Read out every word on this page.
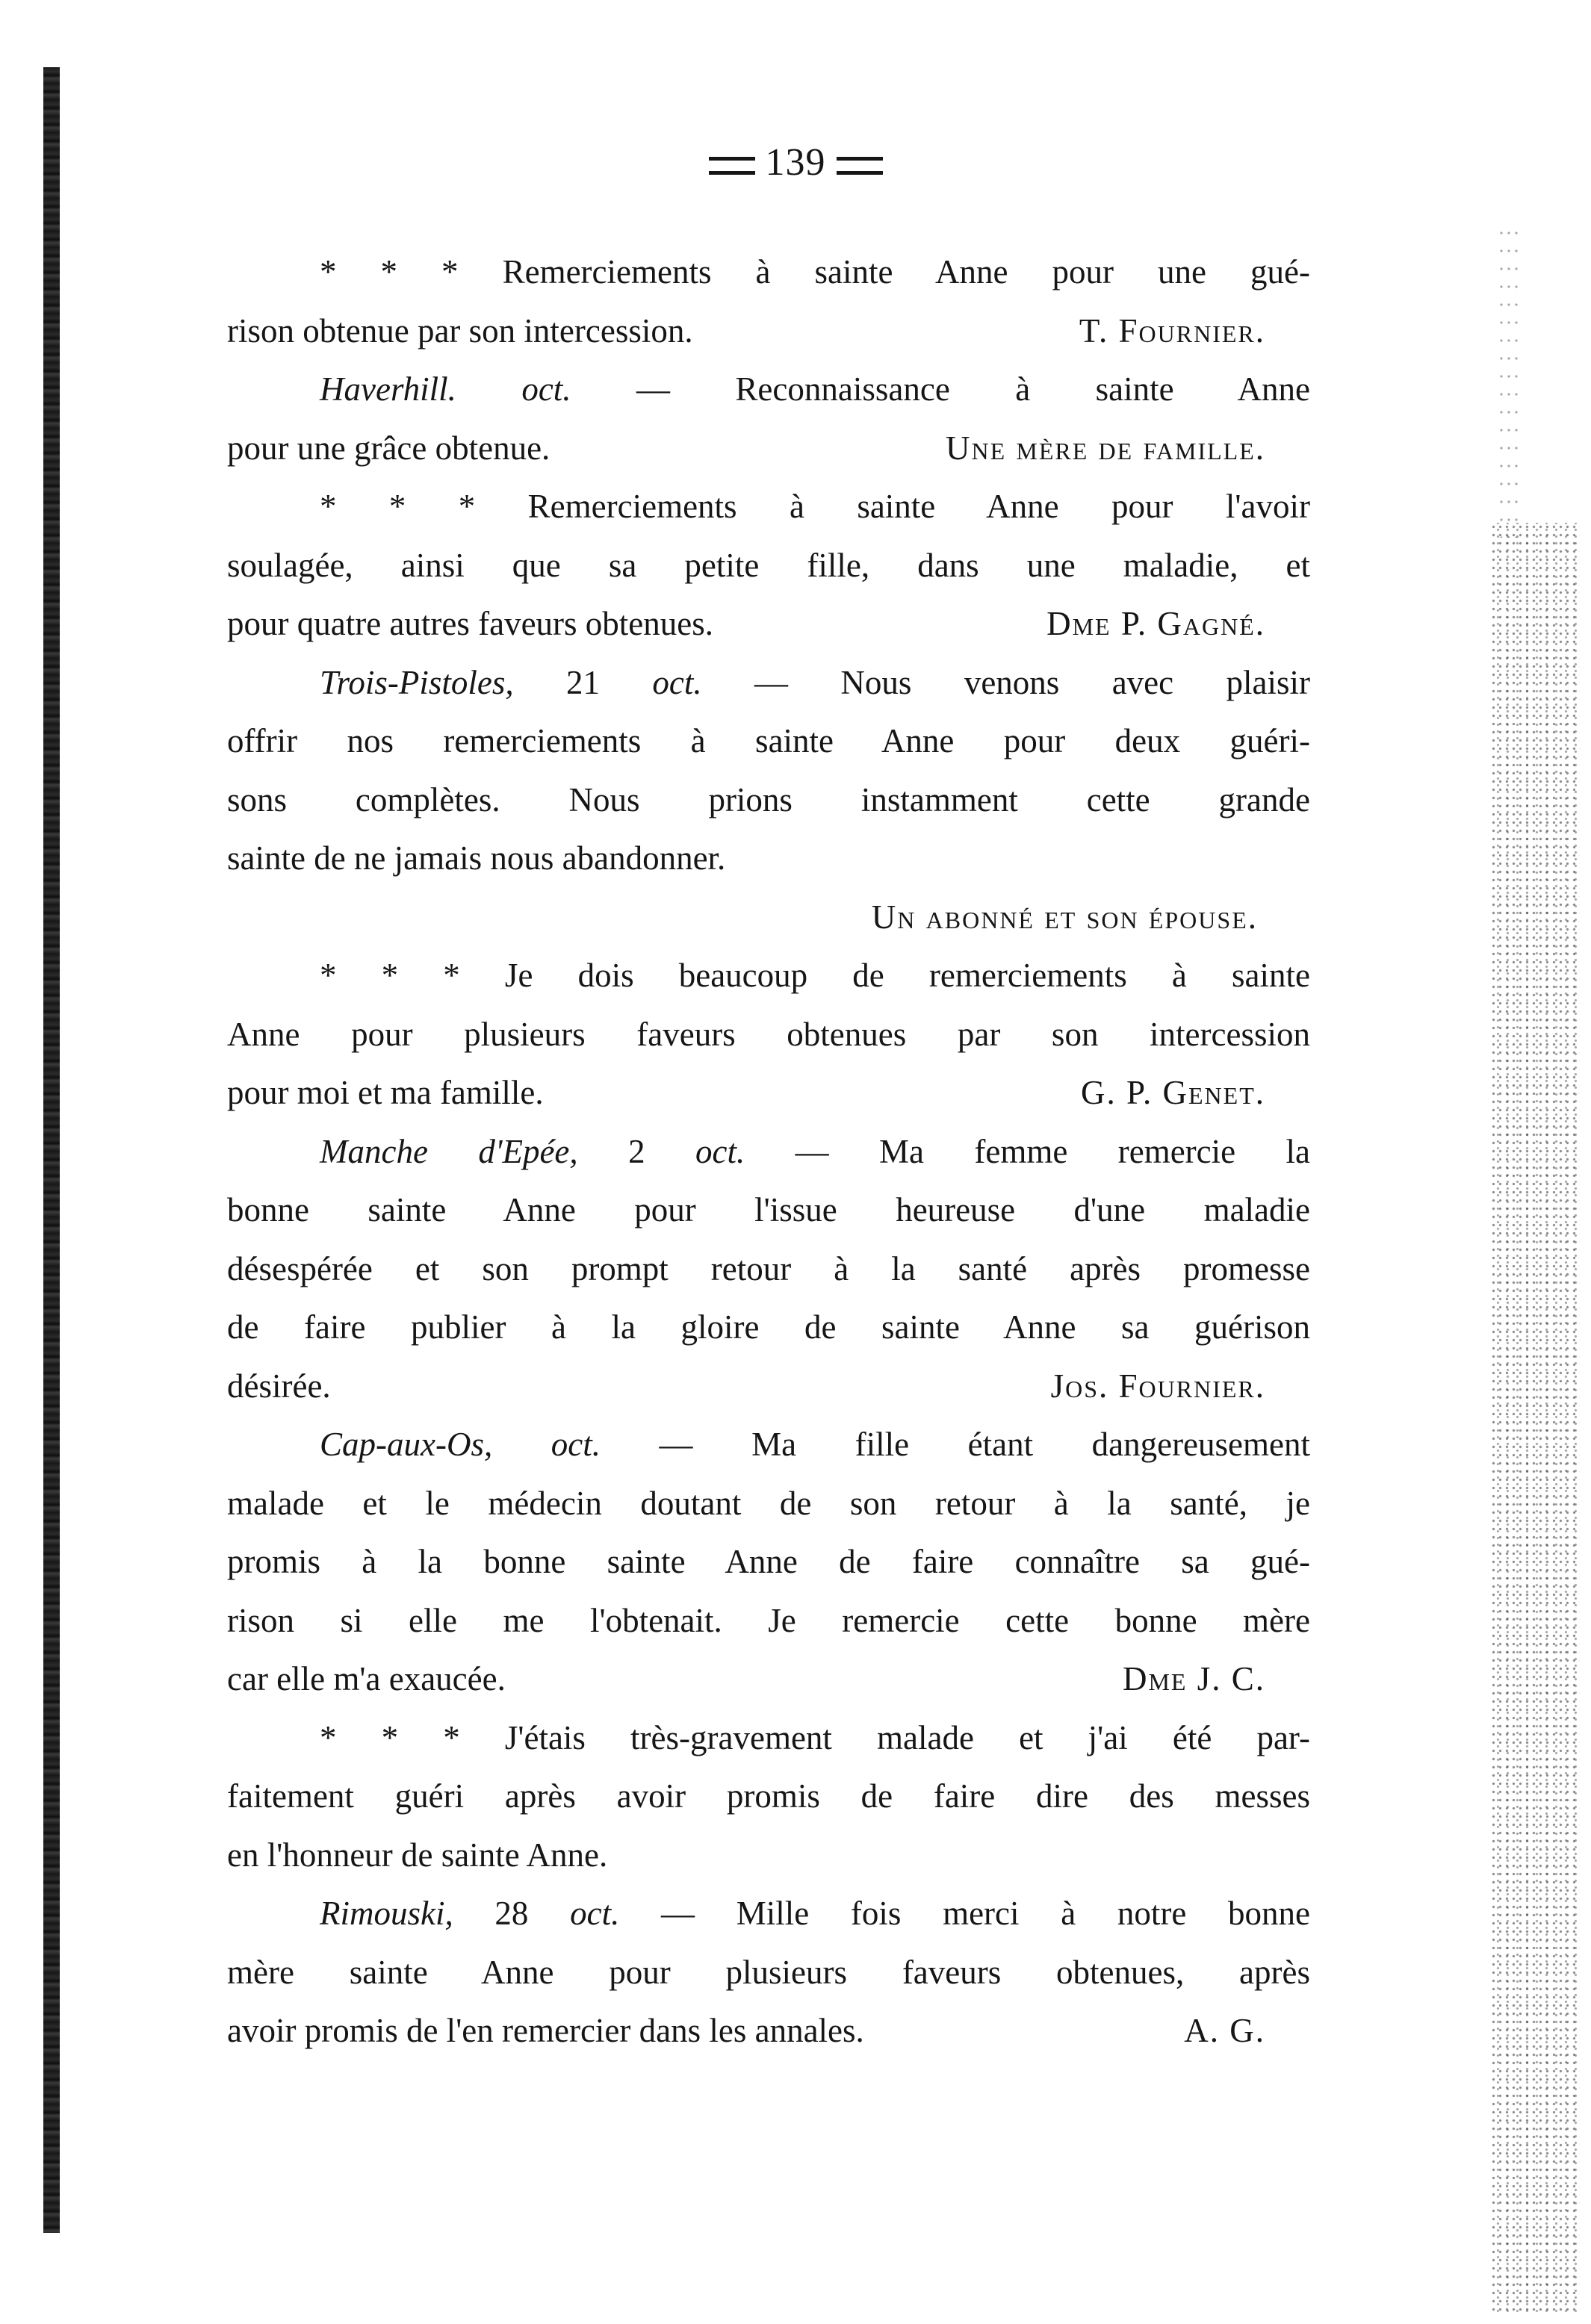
139
* * * Remerciements à sainte Anne pour une gué-
rison obtenue par son intercession.	T. Fournier.
Haverhill. oct. — Reconnaissance à sainte Anne
pour une grâce obtenue.	Une mère de famille.
* * * Remerciements à sainte Anne pour l'avoir
soulagée, ainsi que sa petite fille, dans une maladie, et
pour quatre autres faveurs obtenues.	Dme P. Gagné.
Trois-Pistoles, 21 oct. — Nous venons avec plaisir
offrir nos remerciements à sainte Anne pour deux guéri-
sons complètes. Nous prions instamment cette grande
sainte de ne jamais nous abandonner.
Un abonné et son épouse.
* * * Je dois beaucoup de remerciements à sainte
Anne pour plusieurs faveurs obtenues par son intercession
pour moi et ma famille.	G. P. Genet.
Manche d'Epée, 2 oct. — Ma femme remercie la
bonne sainte Anne pour l'issue heureuse d'une maladie
désespérée et son prompt retour à la santé après promesse
de faire publier à la gloire de sainte Anne sa guérison
désirée.	Jos. Fournier.
Cap-aux-Os, oct. — Ma fille étant dangereusement
malade et le médecin doutant de son retour à la santé, je
promis à la bonne sainte Anne de faire connaître sa gué-
rison si elle me l'obtenait. Je remercie cette bonne mère
car elle m'a exaucée.	Dme J. C.
* * * J'étais très-gravement malade et j'ai été par-
faitement guéri après avoir promis de faire dire des messes
en l'honneur de sainte Anne.
Rimouski, 28 oct. — Mille fois merci à notre bonne
mère sainte Anne pour plusieurs faveurs obtenues, après
avoir promis de l'en remercier dans les annales.	A. G.
